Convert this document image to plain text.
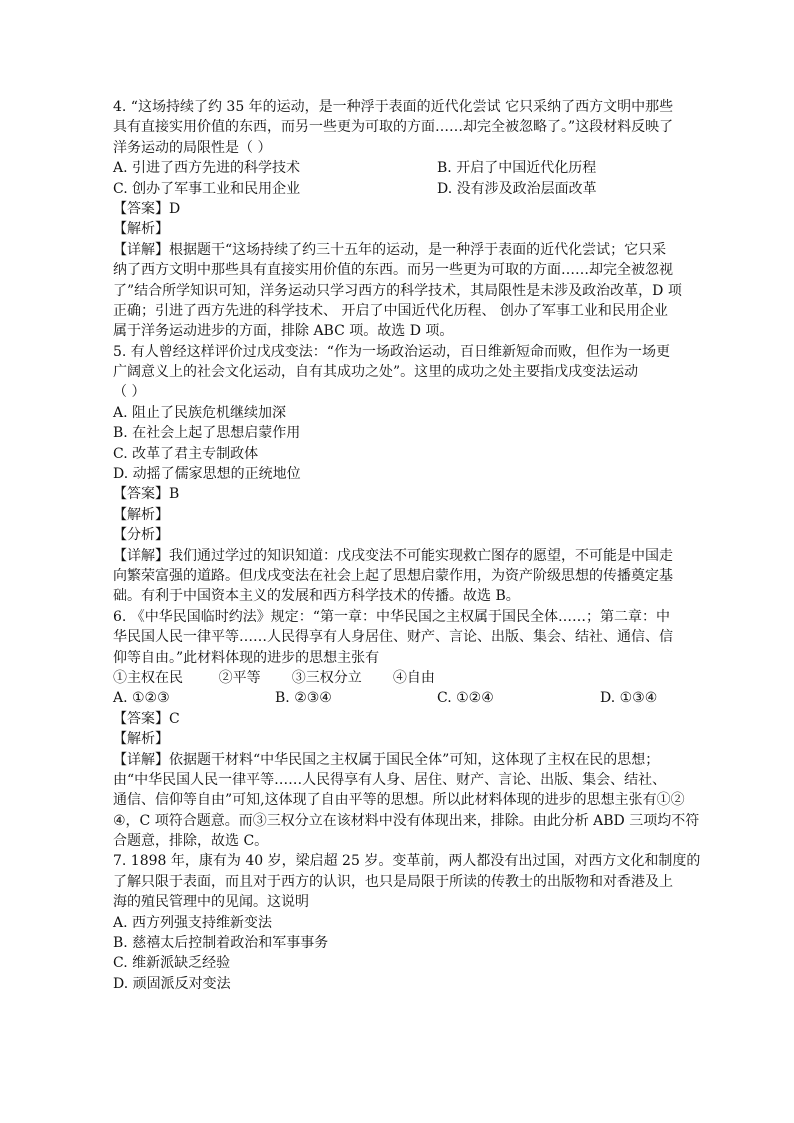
4. “这场持续了约 35 年的运动，是一种浮于表面的近代化尝试 它只采纳了西方文明中那些
具有直接实用价值的东西，而另一些更为可取的方面……却完全被忽略了。”这段材料反映了
洋务运动的局限性是（ ）
A. 引进了西方先进的科学技术	B. 开启了中国近代化历程
C. 创办了军事工业和民用企业	D. 没有涉及政治层面改革
【答案】D
【解析】
【详解】根据题干“这场持续了约三十五年的运动，是一种浮于表面的近代化尝试；它只采
纳了西方文明中那些具有直接实用价值的东西。而另一些更为可取的方面……却完全被忽视
了”结合所学知识可知，洋务运动只学习西方的科学技术，其局限性是未涉及政治改革，D 项
正确；引进了西方先进的科学技术、 开启了中国近代化历程、 创办了军事工业和民用企业
属于洋务运动进步的方面，排除 ABC 项。故选 D 项。
5. 有人曾经这样评价过戊戌变法：“作为一场政治运动，百日维新短命而败，但作为一场更
广阔意义上的社会文化运动，自有其成功之处”。这里的成功之处主要指戊戌变法运动
（ ）
A. 阻止了民族危机继续加深
B. 在社会上起了思想启蒙作用
C. 改革了君主专制政体
D. 动摇了儒家思想的正统地位
【答案】B
【解析】
【分析】
【详解】我们通过学过的知识知道：戊戌变法不可能实现救亡图存的愿望，不可能是中国走
向繁荣富强的道路。但戊戌变法在社会上起了思想启蒙作用，为资产阶级思想的传播奠定基
础。有利于中国资本主义的发展和西方科学技术的传播。故选 B。
6. 《中华民国临时约法》规定：“第一章：中华民国之主权属于国民全体……；第二章：中
华民国人民一律平等……人民得享有人身居住、财产、言论、出版、集会、结社、通信、信
仰等自由。”此材料体现的进步的思想主张有
①主权在民        ②平等       ③三权分立       ④自由
A. ①②③	B. ②③④	C. ①②④	D. ①③④
【答案】C
【解析】
【详解】依据题干材料“中华民国之主权属于国民全体”可知，这体现了主权在民的思想；
由“中华民国人民一律平等……人民得享有人身、居住、财产、言论、出版、集会、结社、
通信、信仰等自由”可知,这体现了自由平等的思想。所以此材料体现的进步的思想主张有①②
④，C 项符合题意。而③三权分立在该材料中没有体现出来，排除。由此分析 ABD 三项均不符
合题意，排除，故选 C。
7. 1898 年，康有为 40 岁，梁启超 25 岁。变革前，两人都没有出过国，对西方文化和制度的
了解只限于表面，而且对于西方的认识，也只是局限于所读的传教士的出版物和对香港及上
海的殖民管理中的见闻。这说明
A. 西方列强支持维新变法
B. 慈禧太后控制着政治和军事事务
C. 维新派缺乏经验
D. 顽固派反对变法
